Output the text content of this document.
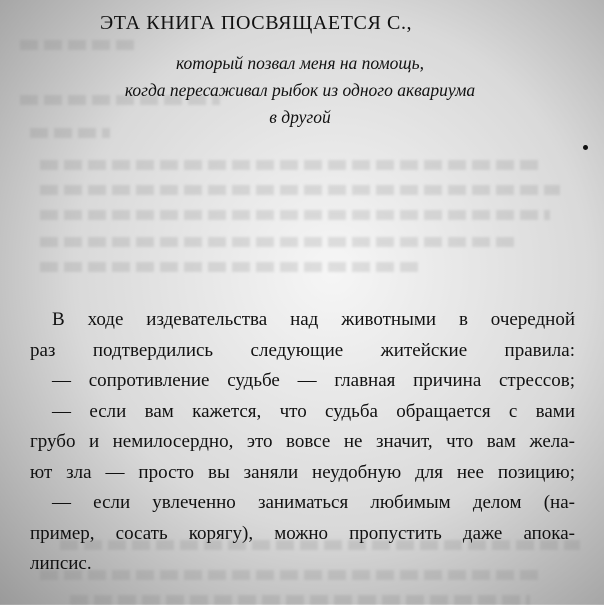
ЭТА КНИГА ПОСВЯЩАЕТСЯ С.,
который позвал меня на помощь,
когда пересаживал рыбок из одного аквариума
в другой
В ходе издевательства над животными в очередной
раз подтвердились следующие житейские правила:
— сопротивление судьбе — главная причина стрессов;
— если вам кажется, что судьба обращается с вами
грубо и немилосердно, это вовсе не значит, что вам жела-
ют зла — просто вы заняли неудобную для нее позицию;
— если увлеченно заниматься любимым делом (на-
пример, сосать корягу), можно пропустить даже апока-
липсис.
